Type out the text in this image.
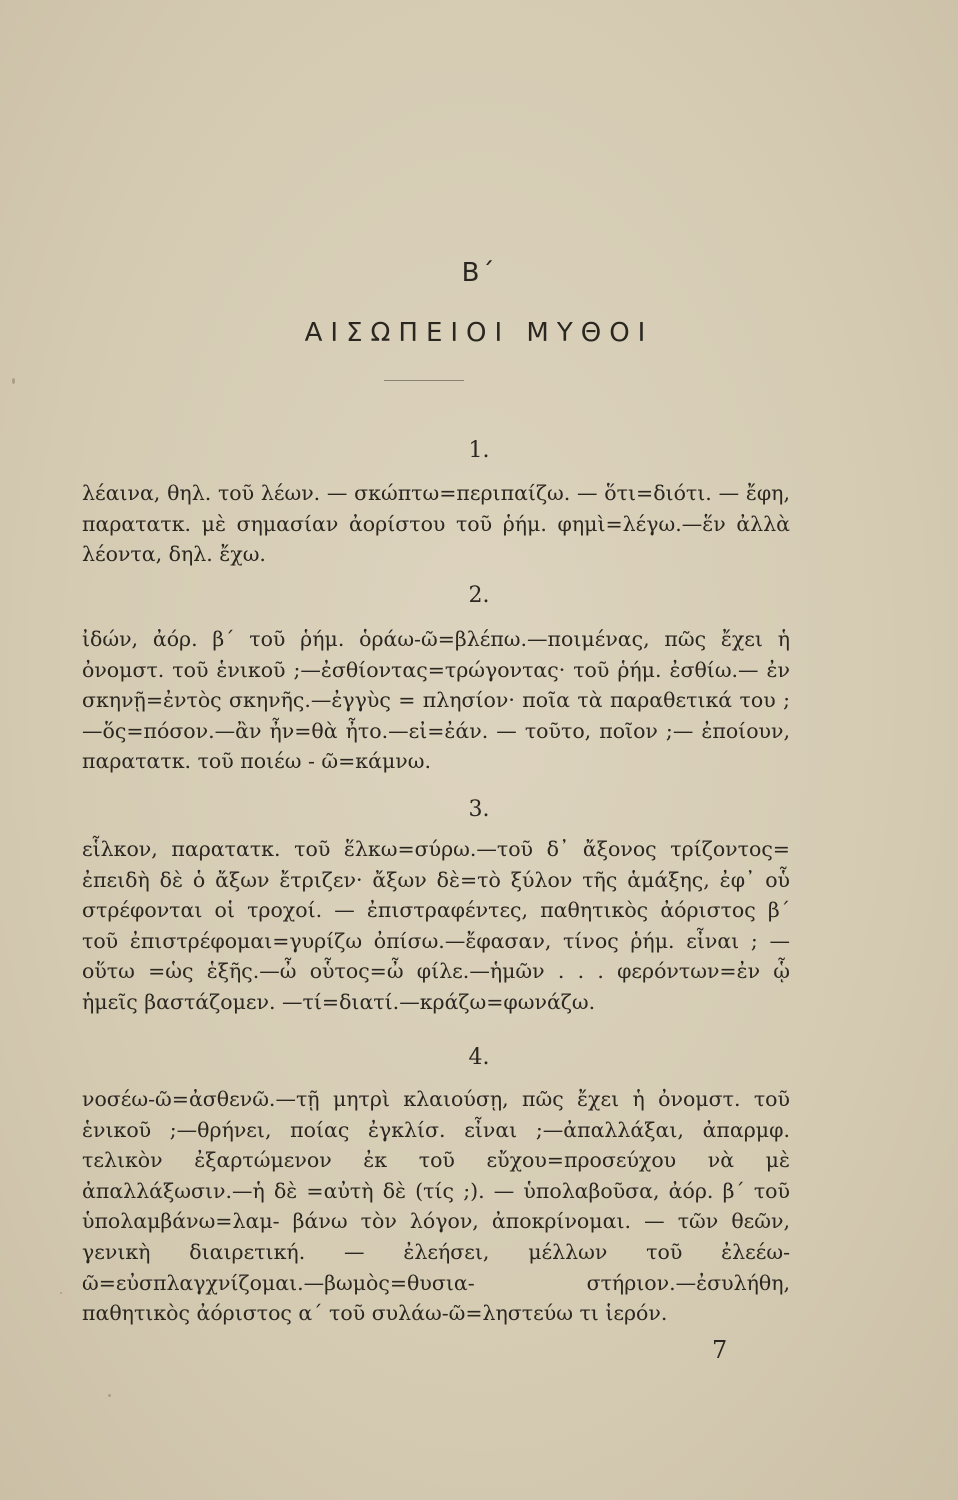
Β΄
ΑΙΣΩΠΕΙΟΙ ΜΥΘΟΙ
1.

λέαινα, θηλ. τοῦ λέων. — σκώπτω=περιπαίζω. — ὅτι=διότι. — ἔφη, παρατατκ. μὲ σημασίαν ἀορίστου τοῦ ῥήμ. φημὶ=λέγω.—ἕν ἀλλὰ λέοντα, δηλ. ἔχω.

2.

ἰδών, ἀόρ. β΄ τοῦ ῥήμ. ὁράω-ῶ=βλέπω.—ποιμένας, πῶς ἔχει ἡ ὀνομστ. τοῦ ἑνικοῦ ;—ἐσθίοντας=τρώγοντας· τοῦ ῥήμ. ἐσθίω.— ἐν σκηνῇ=ἐντὸς σκηνῆς.—ἐγγὺς = πλησίον· ποῖα τὰ παραθετικά του ;—ὅς=πόσον.—ἂν ἦν=θὰ ἦτο.—εἰ=ἐάν. — τοῦτο, ποῖον ;— ἐποίουν, παρατατκ. τοῦ ποιέω - ῶ=κάμνω.

3.

εἷλκον, παρατατκ. τοῦ ἕλκω=σύρω.—τοῦ δ᾽ ἄξονος τρίζοντος= ἐπειδὴ δὲ ὁ ἄξων ἔτριζεν· ἄξων δὲ=τὸ ξύλον τῆς ἁμάξης, ἐφ᾽ οὗ στρέφονται οἱ τροχοί. — ἐπιστραφέντες, παθητικὸς ἀόριστος β΄ τοῦ ἐπιστρέφομαι=γυρίζω ὀπίσω.—ἔφασαν, τίνος ῥήμ. εἶναι ; — οὕτω =ὡς ἑξῆς.—ὦ οὗτος=ὦ φίλε.—ἡμῶν . . . φερόντων=ἐν ᾧ ἡμεῖς βαστάζομεν. —τί=διατί.—κράζω=φωνάζω.

4.

νοσέω-ῶ=ἀσθενῶ.—τῇ μητρὶ κλαιούσῃ, πῶς ἔχει ἡ ὀνομστ. τοῦ ἑνικοῦ ;—θρήνει, ποίας ἐγκλίσ. εἶναι ;—ἀπαλλάξαι, ἀπαρμφ. τελικὸν ἐξαρτώμενον ἐκ τοῦ εὔχου=προσεύχου νὰ μὲ ἀπαλλάξωσιν.—ἡ δὲ =αὐτὴ δὲ (τίς ;). — ὑπολαβοῦσα, ἀόρ. β΄ τοῦ ὑπολαμβάνω=λαμ- βάνω τὸν λόγον, ἀποκρίνομαι. — τῶν θεῶν, γενικὴ διαιρετική. — ἐλεήσει, μέλλων τοῦ ἐλεέω-ῶ=εὐσπλαγχνίζομαι.—βωμὸς=θυσια- στήριον.—ἐσυλήθη, παθητικὸς ἀόριστος α΄ τοῦ συλάω-ῶ=ληστεύω τι ἱερόν.

7
